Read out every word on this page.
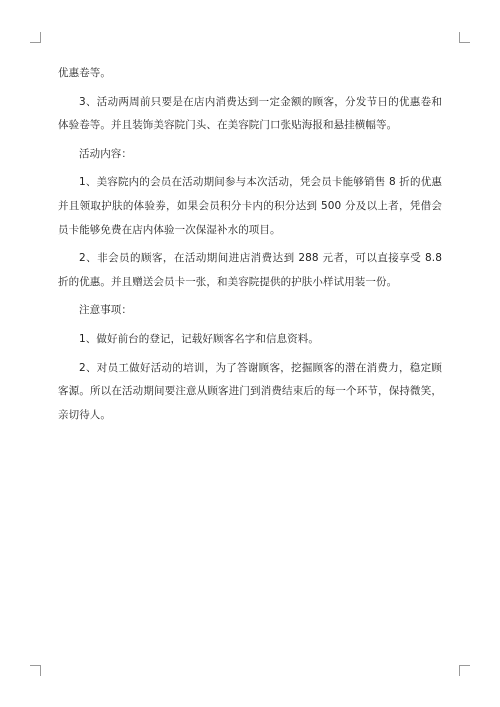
优惠卷等。

3、活动两周前只要是在店内消费达到一定金额的顾客，分发节日的优惠卷和体验卷等。并且装饰美容院门头、在美容院门口张贴海报和悬挂横幅等。

活动内容：

1、美容院内的会员在活动期间参与本次活动，凭会员卡能够销售 8 折的优惠并且领取护肤的体验劵，如果会员积分卡内的积分达到 500 分及以上者，凭借会员卡能够免费在店内体验一次保湿补水的项目。

2、非会员的顾客，在活动期间进店消费达到 288 元者，可以直接享受 8.8 折的优惠。并且赠送会员卡一张，和美容院提供的护肤小样试用装一份。

注意事项：

1、做好前台的登记，记载好顾客名字和信息资料。

2、对员工做好活动的培训，为了答谢顾客，挖掘顾客的潜在消费力，稳定顾客源。所以在活动期间要注意从顾客进门到消费结束后的每一个环节，保持微笑，亲切待人。
